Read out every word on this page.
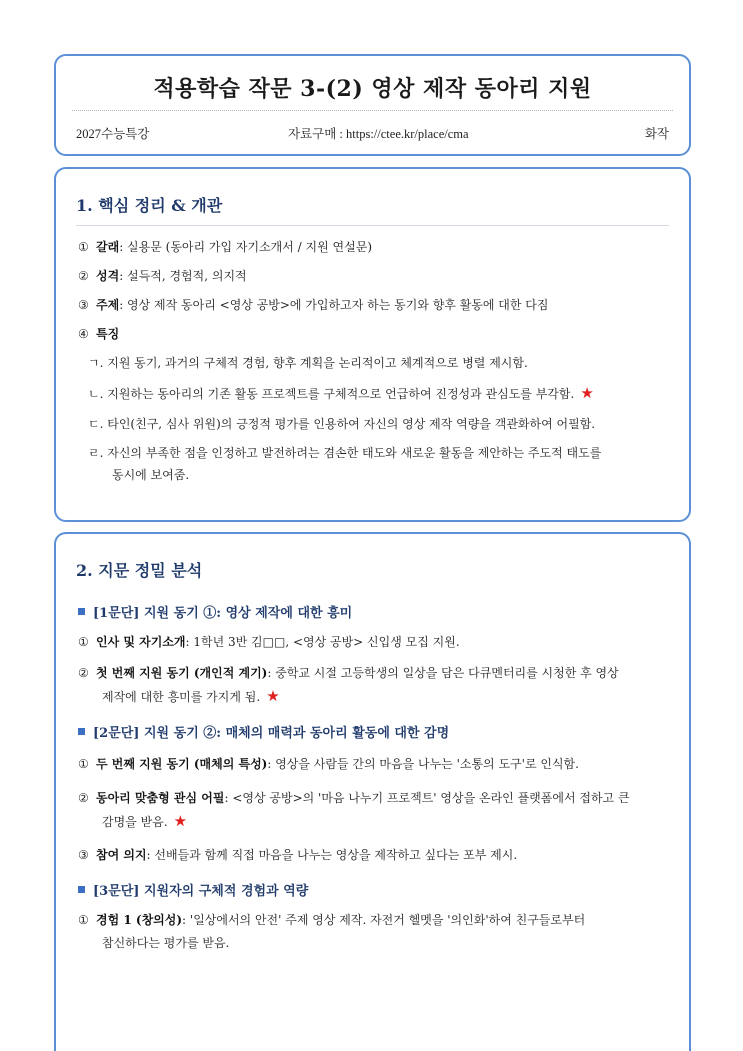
적용학습 작문 3-(2) 영상 제작 동아리 지원
2027수능특강	자료구매 : https://ctee.kr/place/cma	화작
1. 핵심 정리 & 개관
① 갈래: 실용문 (동아리 가입 자기소개서 / 지원 연설문)
② 성격: 설득적, 경험적, 의지적
③ 주제: 영상 제작 동아리 <영상 공방>에 가입하고자 하는 동기와 향후 활동에 대한 다짐
④ 특징
ㄱ. 지원 동기, 과거의 구체적 경험, 향후 계획을 논리적이고 체계적으로 병렬 제시함.
ㄴ. 지원하는 동아리의 기존 활동 프로젝트를 구체적으로 언급하여 진정성과 관심도를 부각함. ★
ㄷ. 타인(친구, 심사 위원)의 긍정적 평가를 인용하여 자신의 영상 제작 역량을 객관화하여 어필함.
ㄹ. 자신의 부족한 점을 인정하고 발전하려는 겸손한 태도와 새로운 활동을 제안하는 주도적 태도를
동시에 보여줌.
2. 지문 정밀 분석
[1문단] 지원 동기 ①: 영상 제작에 대한 흥미
① 인사 및 자기소개: 1학년 3반 김□□, <영상 공방> 신입생 모집 지원.
② 첫 번째 지원 동기 (개인적 계기): 중학교 시절 고등학생의 일상을 담은 다큐멘터리를 시청한 후 영상
제작에 대한 흥미를 가지게 됨. ★
[2문단] 지원 동기 ②: 매체의 매력과 동아리 활동에 대한 감명
① 두 번째 지원 동기 (매체의 특성): 영상을 사람들 간의 마음을 나누는 '소통의 도구'로 인식함.
② 동아리 맞춤형 관심 어필: <영상 공방>의 '마음 나누기 프로젝트' 영상을 온라인 플랫폼에서 접하고 큰
감명을 받음. ★
③ 참여 의지: 선배들과 함께 직접 마음을 나누는 영상을 제작하고 싶다는 포부 제시.
[3문단] 지원자의 구체적 경험과 역량
① 경험 1 (창의성): '일상에서의 안전' 주제 영상 제작. 자전거 헬멧을 '의인화'하여 친구들로부터
참신하다는 평가를 받음.
